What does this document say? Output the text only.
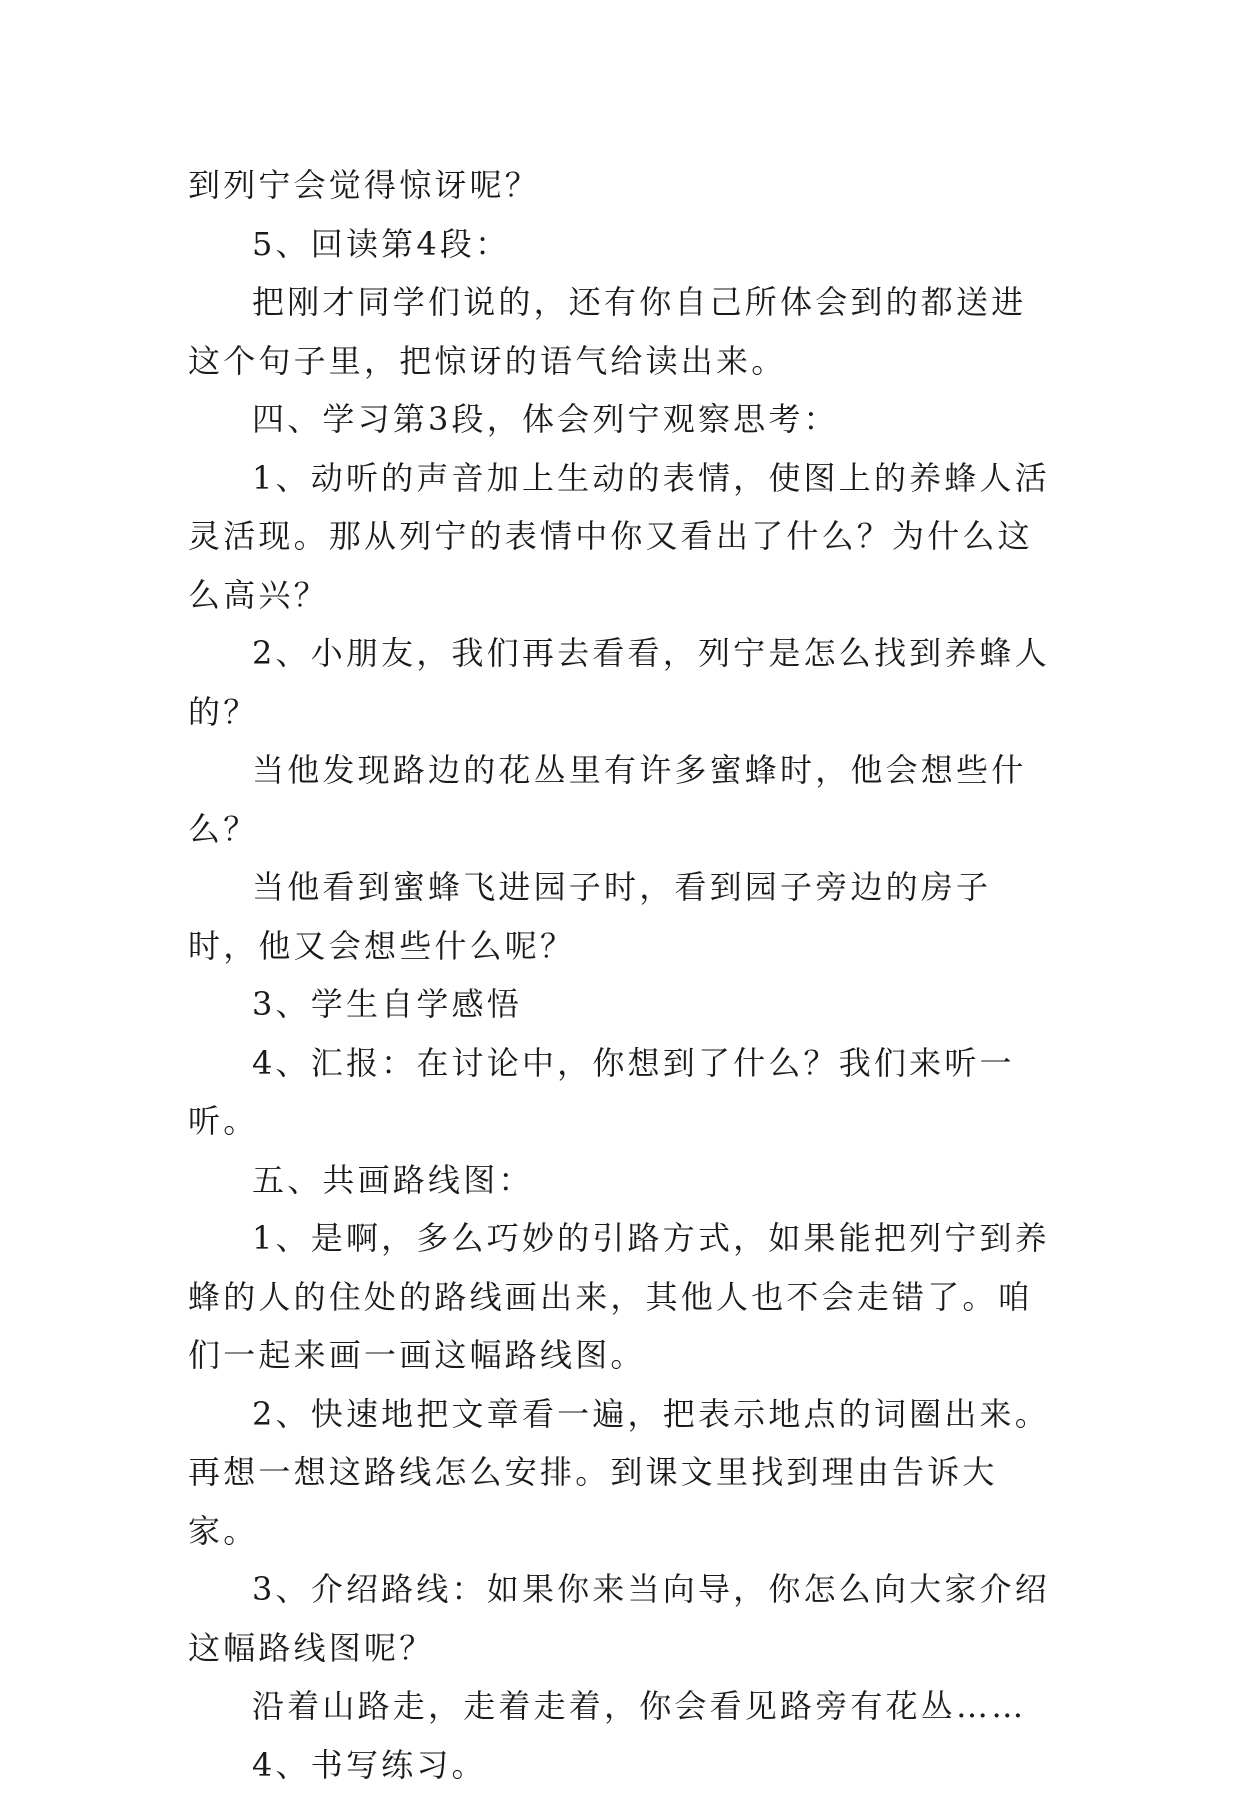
到列宁会觉得惊讶呢？

5、回读第4段：

把刚才同学们说的，还有你自己所体会到的都送进这个句子里，把惊讶的语气给读出来。

四、学习第3段，体会列宁观察思考：

1、动听的声音加上生动的表情，使图上的养蜂人活灵活现。那从列宁的表情中你又看出了什么？为什么这么高兴？

2、小朋友，我们再去看看，列宁是怎么找到养蜂人的？

当他发现路边的花丛里有许多蜜蜂时，他会想些什么？

当他看到蜜蜂飞进园子时，看到园子旁边的房子时，他又会想些什么呢？

3、学生自学感悟

4、汇报：在讨论中，你想到了什么？我们来听一听。

五、共画路线图：

1、是啊，多么巧妙的引路方式，如果能把列宁到养蜂的人的住处的路线画出来，其他人也不会走错了。咱们一起来画一画这幅路线图。

2、快速地把文章看一遍，把表示地点的词圈出来。再想一想这路线怎么安排。到课文里找到理由告诉大家。

3、介绍路线：如果你来当向导，你怎么向大家介绍这幅路线图呢？

沿着山路走，走着走着，你会看见路旁有花丛……

4、书写练习。
